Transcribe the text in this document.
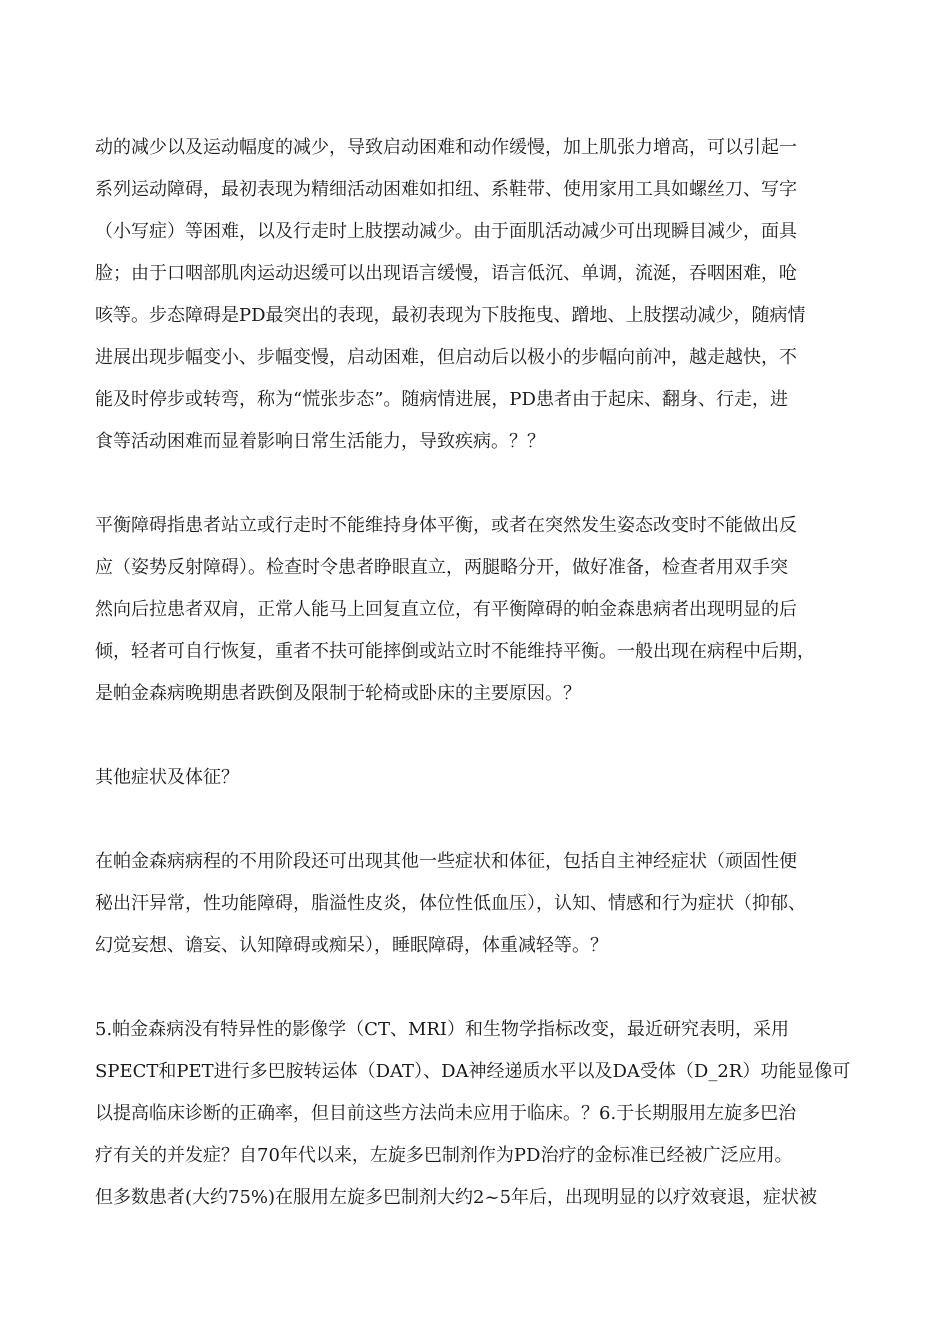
动的减少以及运动幅度的减少，导致启动困难和动作缓慢，加上肌张力增高，可以引起一
系列运动障碍，最初表现为精细活动困难如扣纽、系鞋带、使用家用工具如螺丝刀、写字
（小写症）等困难，以及行走时上肢摆动减少。由于面肌活动减少可出现瞬目减少，面具
脸；由于口咽部肌肉运动迟缓可以出现语言缓慢，语言低沉、单调，流涎，吞咽困难，呛
咳等。步态障碍是PD最突出的表现，最初表现为下肢拖曳、蹭地、上肢摆动减少，随病情
进展出现步幅变小、步幅变慢，启动困难，但启动后以极小的步幅向前冲，越走越快，不
能及时停步或转弯，称为“慌张步态”。随病情进展，PD患者由于起床、翻身、行走，进
食等活动困难而显着影响日常生活能力，导致疾病。？？
平衡障碍指患者站立或行走时不能维持身体平衡，或者在突然发生姿态改变时不能做出反
应（姿势反射障碍）。检查时令患者睁眼直立，两腿略分开，做好准备，检查者用双手突
然向后拉患者双肩，正常人能马上回复直立位，有平衡障碍的帕金森患病者出现明显的后
倾，轻者可自行恢复，重者不扶可能摔倒或站立时不能维持平衡。一般出现在病程中后期，
是帕金森病晚期患者跌倒及限制于轮椅或卧床的主要原因。？
其他症状及体征？
在帕金森病病程的不用阶段还可出现其他一些症状和体征，包括自主神经症状（顽固性便
秘出汗异常，性功能障碍，脂溢性皮炎，体位性低血压），认知、情感和行为症状（抑郁、
幻觉妄想、谵妄、认知障碍或痴呆），睡眠障碍，体重减轻等。？
5.帕金森病没有特异性的影像学（CT、MRI）和生物学指标改变，最近研究表明，采用
SPECT和PET进行多巴胺转运体（DAT）、DA神经递质水平以及DA受体（D_2R）功能显像可
以提高临床诊断的正确率，但目前这些方法尚未应用于临床。？6.于长期服用左旋多巴治
疗有关的并发症？自70年代以来，左旋多巴制剂作为PD治疗的金标准已经被广泛应用。
但多数患者(大约75%)在服用左旋多巴制剂大约2~5年后，出现明显的以疗效衰退，症状被
